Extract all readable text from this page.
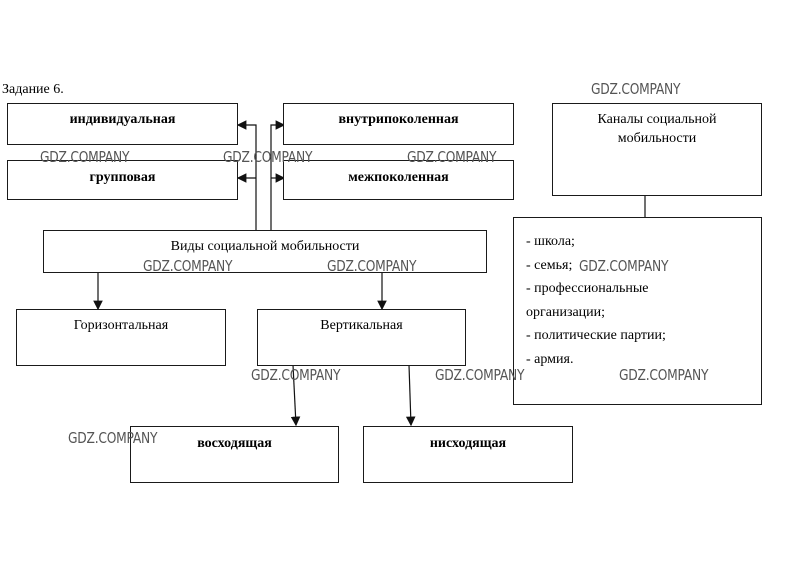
Задание 6.
индивидуальная	внутрипоколенная
групповая	межпоколенная
Виды социальной мобильности
Горизонтальная	Вертикальная
восходящая	нисходящая
Каналы социальной
мобильности
- школа;
- семья;
- профессиональные
организации;
- политические партии;
- армия.
GDZ.COMPANY
GDZ.COMPANY	GDZ.COMPANY	GDZ.COMPANY
GDZ.COMPANY	GDZ.COMPANY	GDZ.COMPANY
GDZ.COMPANY	GDZ.COMPANY	GDZ.COMPANY
GDZ.COMPANY
